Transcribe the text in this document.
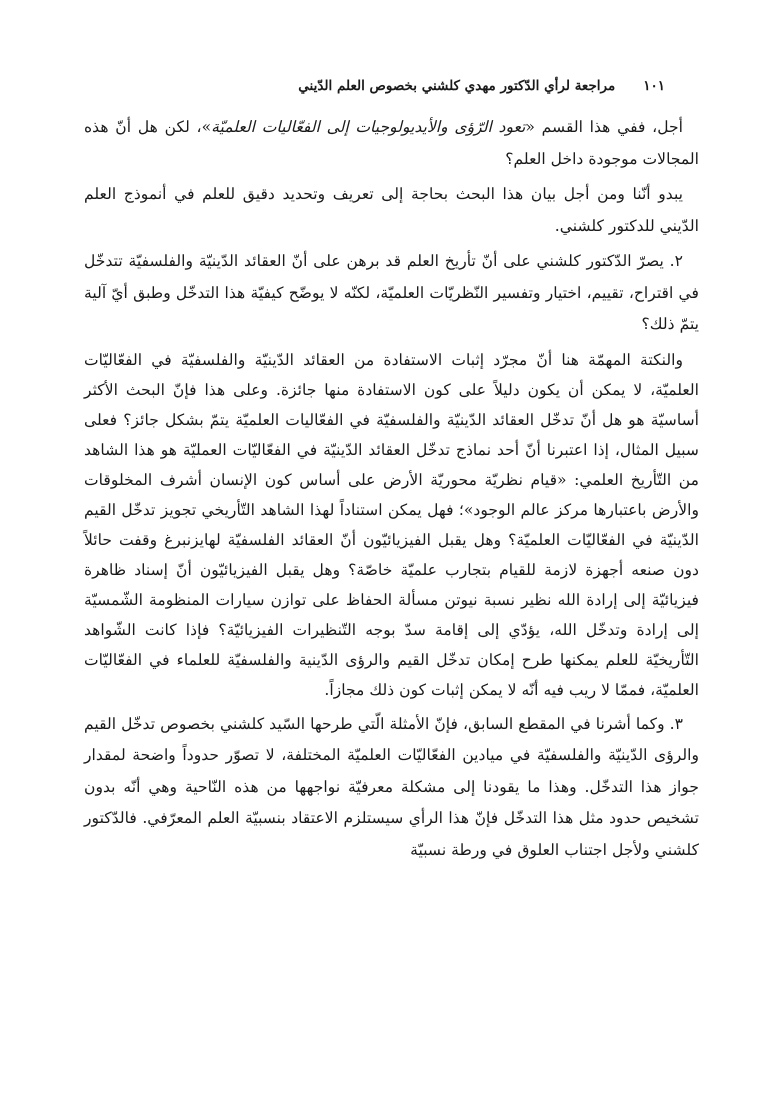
١٠١
مراجعة لرأي الدّكتور مهدي كلشني بخصوص العلم الدّيني

أجل، ففي هذا القسم «تعود الرّؤى والأيديولوجيات إلى الفعّاليات العلميّة»، لكن هل أنّ هذه المجالات موجودة داخل العلم؟

يبدو أنّنا ومن أجل بيان هذا البحث بحاجة إلى تعريف وتحديد دقيق للعلم في أنموذج العلم الدّيني للدكتور كلشني.

٢. يصرّ الدّكتور كلشني على أنّ تأريخ العلم قد برهن على أنّ العقائد الدّينيّة والفلسفيّة تتدخّل في اقتراح، تقييم، اختيار وتفسير النّظريّات العلميّة، لكنّه لا يوضّح كيفيّة هذا التدخّل وطبق أيّ آلية يتمّ ذلك؟

والنكتة المهمّة هنا أنّ مجرّد إثبات الاستفادة من العقائد الدّينيّة والفلسفيّة في الفعّاليّات العلميّة، لا يمكن أن يكون دليلاً على كون الاستفادة منها جائزة. وعلى هذا فإنّ البحث الأكثر أساسيّة هو هل أنّ تدخّل العقائد الدّينيّة والفلسفيّة في الفعّاليات العلميّة يتمّ بشكل جائز؟ فعلى سبيل المثال، إذا اعتبرنا أنّ أحد نماذج تدخّل العقائد الدّينيّة في الفعّاليّات العمليّة هو هذا الشاهد من التّأريخ العلمي: «قيام نظريّة محوريّة الأرض على أساس كون الإنسان أشرف المخلوقات والأرض باعتبارها مركز عالم الوجود»؛ فهل يمكن استناداً لهذا الشاهد التّأريخي تجويز تدخّل القيم الدّينيّة في الفعّاليّات العلميّة؟ وهل يقبل الفيزيائيّون أنّ العقائد الفلسفيّة لهايزنبرغ وقفت حائلاً دون صنعه أجهزة لازمة للقيام بتجارب علميّة خاصّة؟ وهل يقبل الفيزيائيّون أنّ إسناد ظاهرة فيزيائيّة إلى إرادة الله نظير نسبة نيوتن مسألة الحفاظ على توازن سيارات المنظومة الشّمسيّة إلى إرادة وتدخّل الله، يؤدّي إلى إقامة سدّ بوجه التّنظيرات الفيزيائيّة؟ فإذا كانت الشّواهد التّأريخيّة للعلم يمكنها طرح إمكان تدخّل القيم والرؤى الدّينية والفلسفيّة للعلماء في الفعّاليّات العلميّة، فممّا لا ريب فيه أنّه لا يمكن إثبات كون ذلك مجازاً.

٣. وكما أشرنا في المقطع السابق، فإنّ الأمثلة الّتي طرحها السّيد كلشني بخصوص تدخّل القيم والرؤى الدّينيّة والفلسفيّة في ميادين الفعّاليّات العلميّة المختلفة، لا تصوّر حدوداً واضحة لمقدار جواز هذا التدخّل. وهذا ما يقودنا إلى مشكلة معرفيّة نواجهها من هذه النّاحية وهي أنّه بدون تشخيص حدود مثل هذا التدخّل فإنّ هذا الرأي سيستلزم الاعتقاد بنسبيّة العلم المعرّفي. فالدّكتور كلشني ولأجل اجتناب العلوق في ورطة نسبيّة
